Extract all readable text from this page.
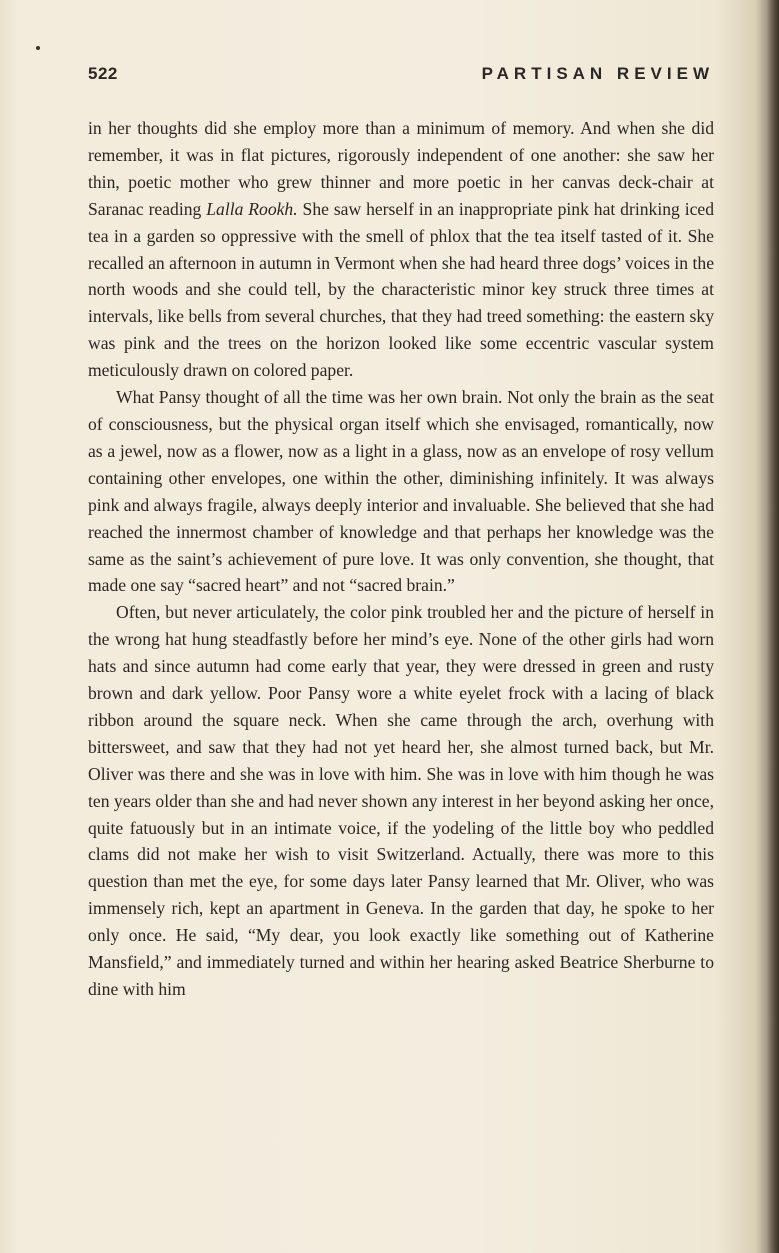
522	PARTISAN REVIEW

in her thoughts did she employ more than a minimum of memory. And when she did remember, it was in flat pictures, rigorously independent of one another: she saw her thin, poetic mother who grew thinner and more poetic in her canvas deck-chair at Saranac reading Lalla Rookh. She saw herself in an inappropriate pink hat drinking iced tea in a garden so oppressive with the smell of phlox that the tea itself tasted of it. She recalled an afternoon in autumn in Vermont when she had heard three dogs’ voices in the north woods and she could tell, by the characteristic minor key struck three times at intervals, like bells from several churches, that they had treed something: the eastern sky was pink and the trees on the horizon looked like some eccentric vascular system meticulously drawn on colored paper.

What Pansy thought of all the time was her own brain. Not only the brain as the seat of consciousness, but the physical organ itself which she envisaged, romantically, now as a jewel, now as a flower, now as a light in a glass, now as an envelope of rosy vellum containing other envelopes, one within the other, diminishing infinitely. It was always pink and always fragile, always deeply interior and invaluable. She believed that she had reached the innermost chamber of knowledge and that perhaps her knowledge was the same as the saint’s achievement of pure love. It was only convention, she thought, that made one say “sacred heart” and not “sacred brain.”

Often, but never articulately, the color pink troubled her and the picture of herself in the wrong hat hung steadfastly before her mind’s eye. None of the other girls had worn hats and since autumn had come early that year, they were dressed in green and rusty brown and dark yellow. Poor Pansy wore a white eyelet frock with a lacing of black ribbon around the square neck. When she came through the arch, overhung with bittersweet, and saw that they had not yet heard her, she almost turned back, but Mr. Oliver was there and she was in love with him. She was in love with him though he was ten years older than she and had never shown any interest in her beyond asking her once, quite fatuously but in an intimate voice, if the yodeling of the little boy who peddled clams did not make her wish to visit Switzerland. Actually, there was more to this question than met the eye, for some days later Pansy learned that Mr. Oliver, who was immensely rich, kept an apartment in Geneva. In the garden that day, he spoke to her only once. He said, “My dear, you look exactly like something out of Katherine Mansfield,” and immediately turned and within her hearing asked Beatrice Sherburne to dine with him
